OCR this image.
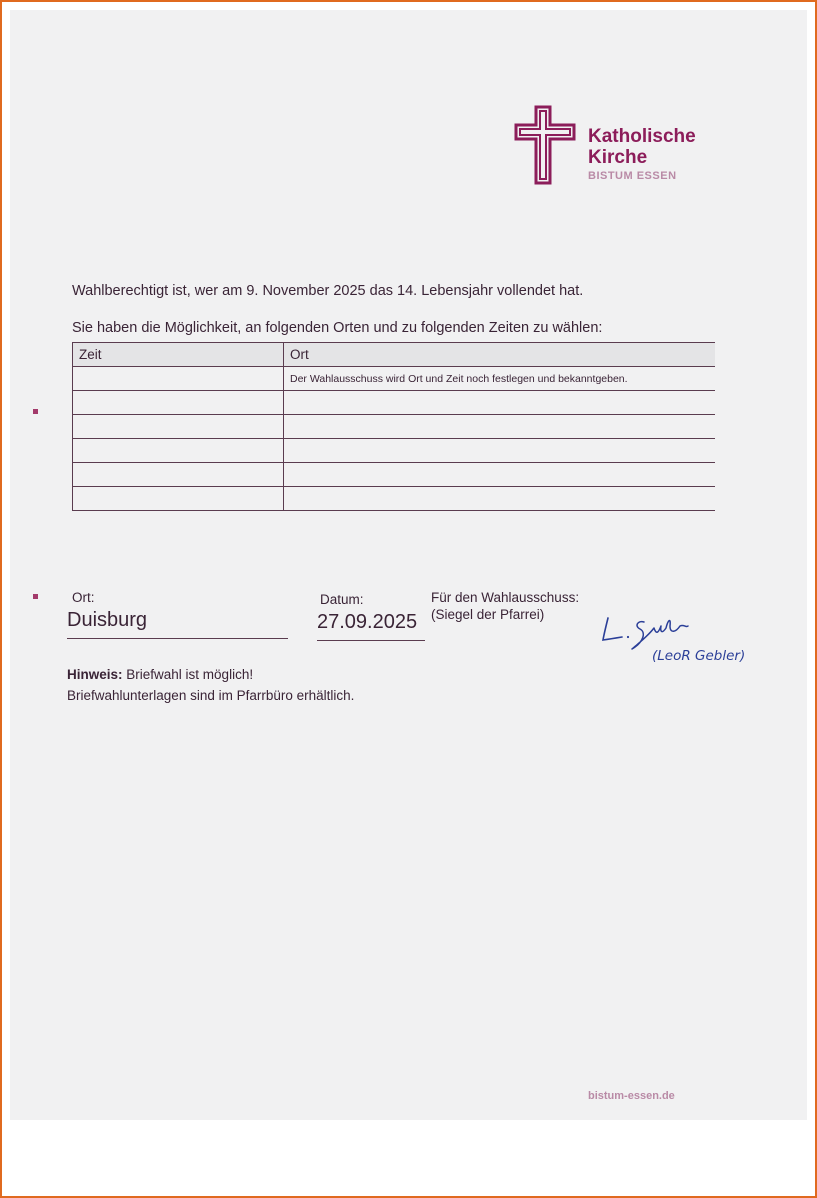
Katholische
Kirche
BISTUM ESSEN
Wahlberechtigt ist, wer am 9. November 2025 das 14. Lebensjahr vollendet hat.
Sie haben die Möglichkeit, an folgenden Orten und zu folgenden Zeiten zu wählen:
Zeit	Ort
	Der Wahlausschuss wird Ort und Zeit noch festlegen und bekanntgeben.

Ort:
Duisburg
Datum:
27.09.2025
Für den Wahlausschuss:
(Siegel der Pfarrei)
(LeoR Gebler)
Hinweis: Briefwahl ist möglich!
Briefwahlunterlagen sind im Pfarrbüro erhältlich.
bistum-essen.de
